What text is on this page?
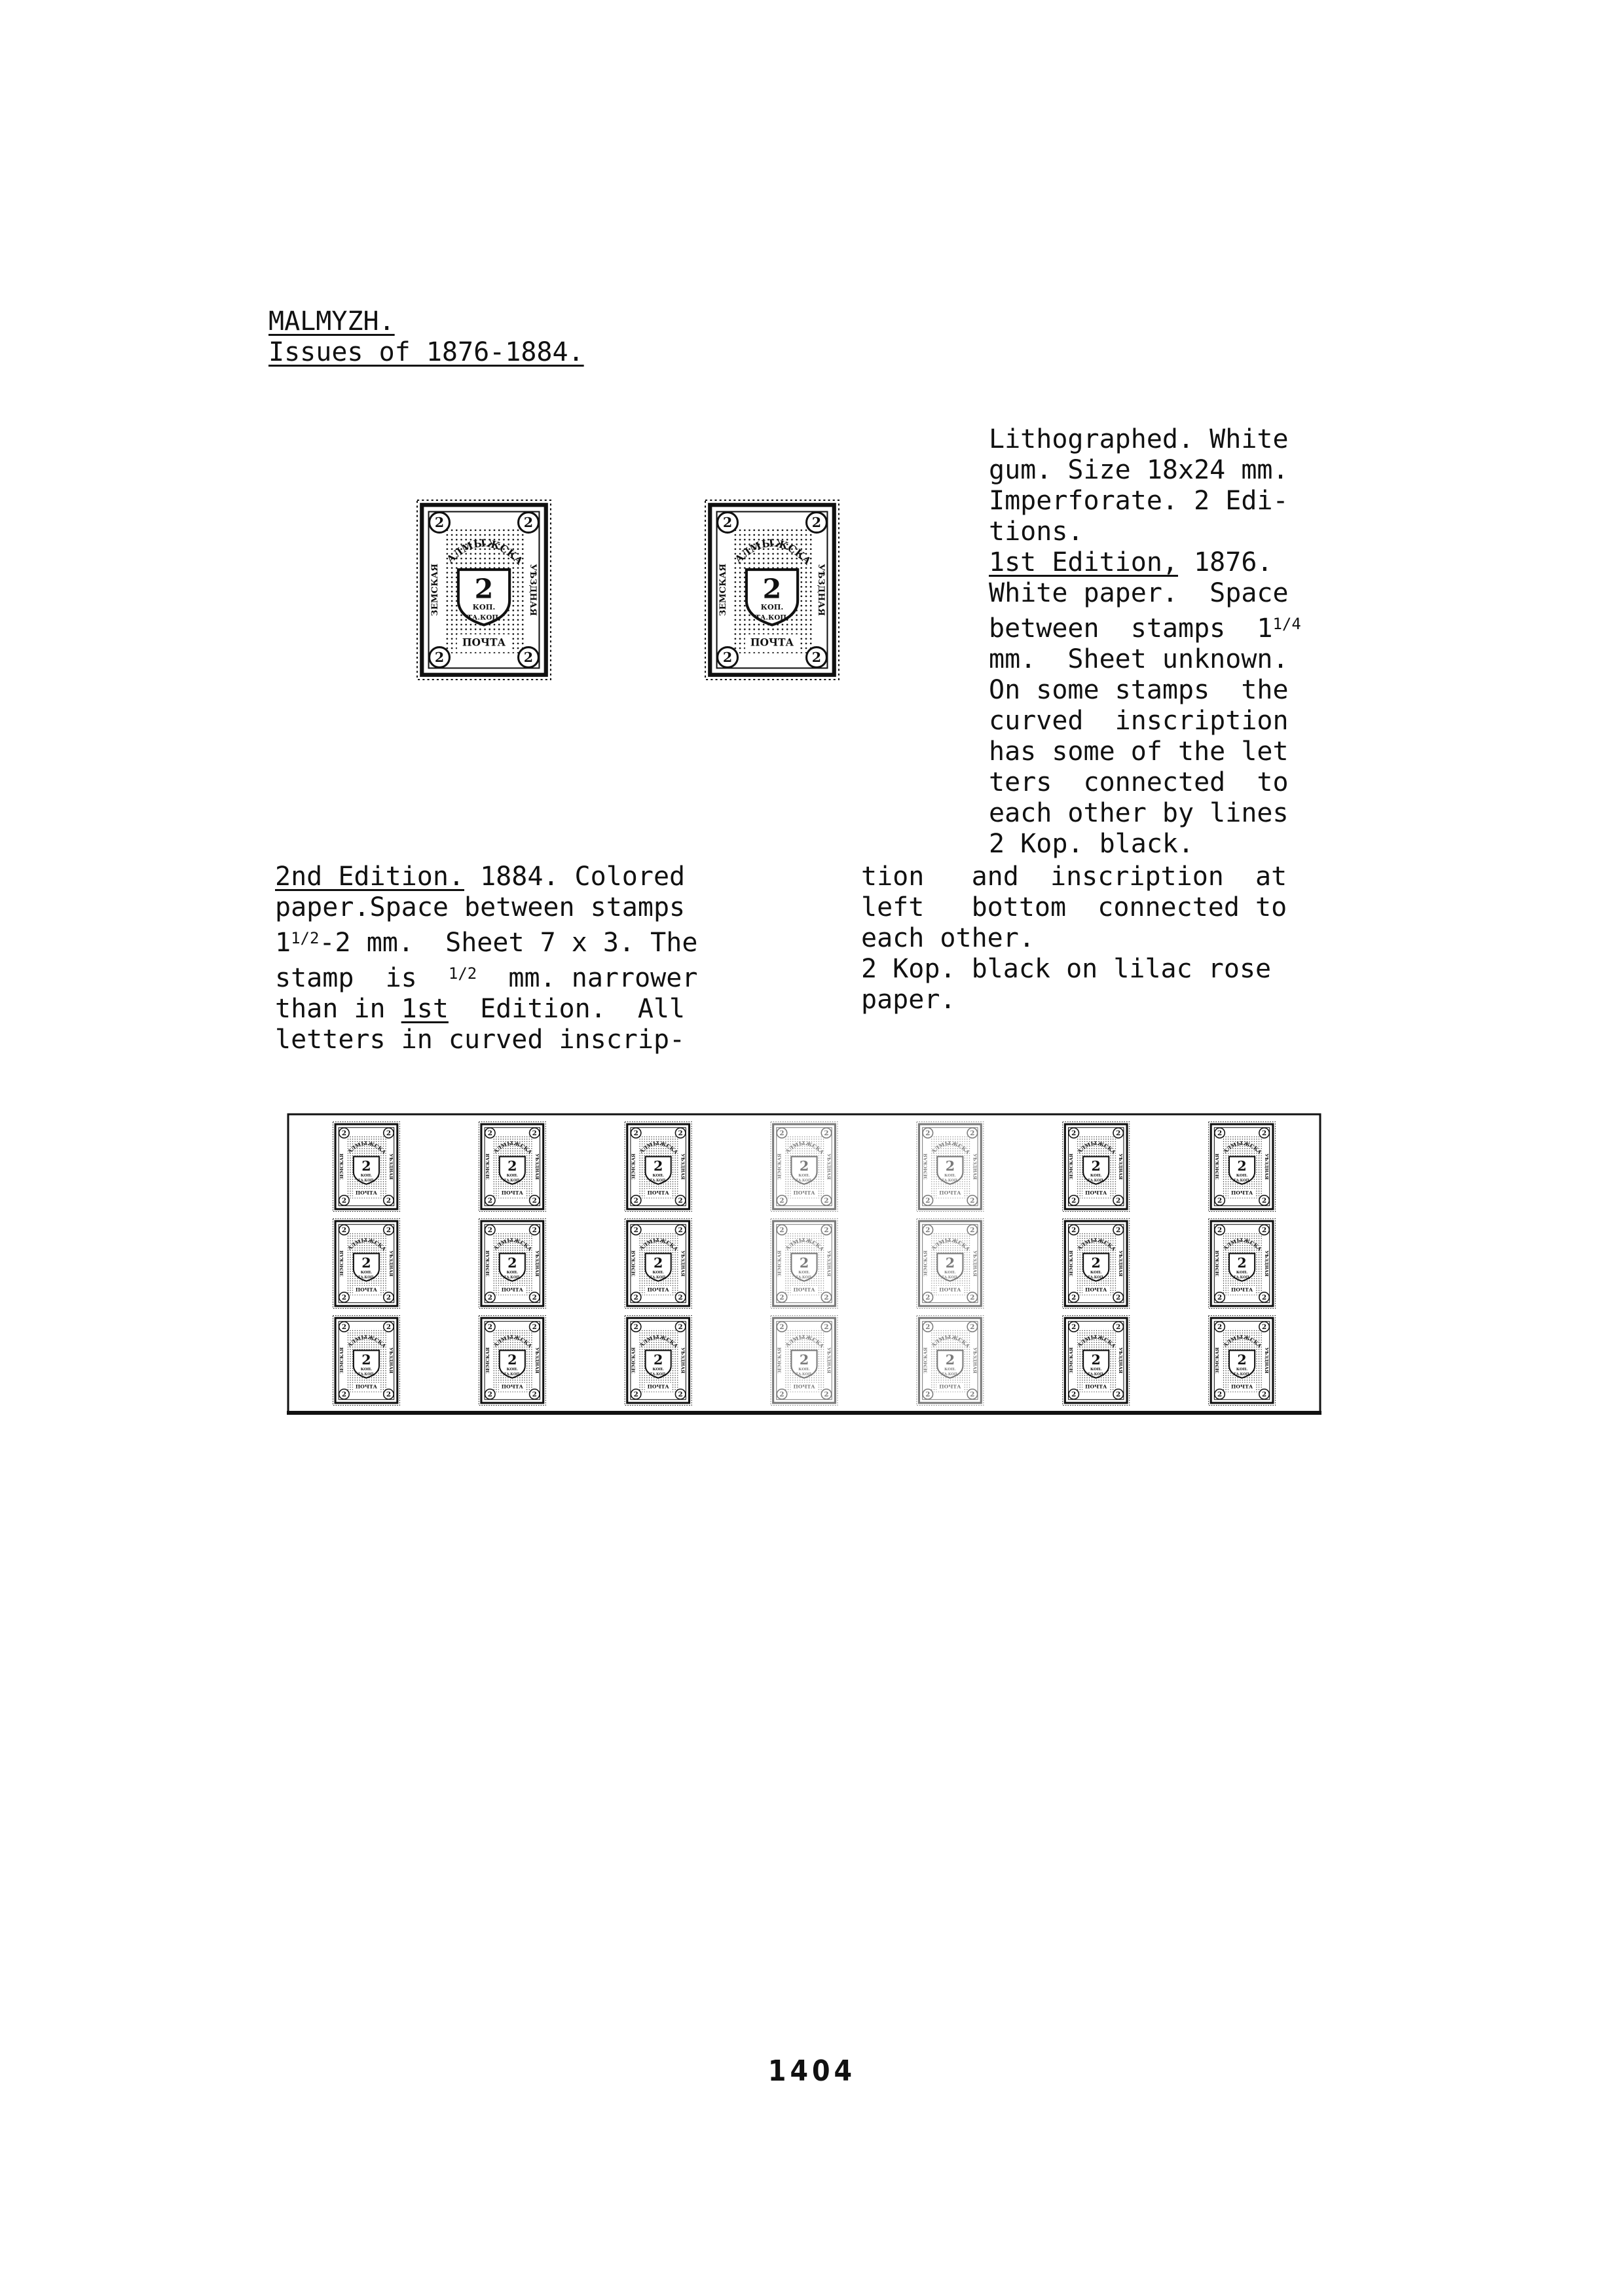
MALMYZH.
Issues of 1876-1884.
2	2
2	2
МАЛМЫЖСКАЯ
ЗЕМСКАЯ	УѢЗДНАЯ
2
КОП.
ТА.КОП.
ПОЧТА
2	2
2	2
МАЛМЫЖСКАЯ
ЗЕМСКАЯ	УѢЗДНАЯ
2
КОП.
ТА.КОП.
ПОЧТА
Lithographed. White
gum. Size 18x24 mm.
Imperforate. 2 Edi-
tions.
1st Edition, 1876.
White paper.  Space
between  stamps  $1^{1/4}$
mm.  Sheet unknown.
On some stamps  the
curved  inscription
has some of the let
ters  connected  to
each other by lines
2 Kop. black.
2nd Edition. 1884. Colored
paper.Space between stamps
$1^{1/2}-2$ mm.  Sheet 7 x 3. The
stamp  is  $^{1/2}$  mm. narrower
than in 1st  Edition.  All
letters in curved inscrip-
tion   and  inscription  at
left   bottom  connected to
each other.
2 Kop. black on lilac rose
paper.
2	2
2	2
МАЛМЫЖСКАЯ
ЗЕМСКАЯ	УѢЗДНАЯ
2
КОП.
ТА.КОП.
ПОЧТА
2	2
2	2
МАЛМЫЖСКАЯ
ЗЕМСКАЯ	УѢЗДНАЯ
2
КОП.
ТА.КОП.
ПОЧТА
2	2
2	2
МАЛМЫЖСКАЯ
ЗЕМСКАЯ	УѢЗДНАЯ
2
КОП.
ТА.КОП.
ПОЧТА
2	2
2	2
МАЛМЫЖСКАЯ
ЗЕМСКАЯ	УѢЗДНАЯ
2
КОП.
ТА.КОП.
ПОЧТА
2	2
2	2
МАЛМЫЖСКАЯ
ЗЕМСКАЯ	УѢЗДНАЯ
2
КОП.
ТА.КОП.
ПОЧТА
2	2
2	2
МАЛМЫЖСКАЯ
ЗЕМСКАЯ	УѢЗДНАЯ
2
КОП.
ТА.КОП.
ПОЧТА
2	2
2	2
МАЛМЫЖСКАЯ
ЗЕМСКАЯ	УѢЗДНАЯ
2
КОП.
ТА.КОП.
ПОЧТА
2	2
2	2
МАЛМЫЖСКАЯ
ЗЕМСКАЯ	УѢЗДНАЯ
2
КОП.
ТА.КОП.
ПОЧТА
2	2
2	2
МАЛМЫЖСКАЯ
ЗЕМСКАЯ	УѢЗДНАЯ
2
КОП.
ТА.КОП.
ПОЧТА
2	2
2	2
МАЛМЫЖСКАЯ
ЗЕМСКАЯ	УѢЗДНАЯ
2
КОП.
ТА.КОП.
ПОЧТА
2	2
2	2
МАЛМЫЖСКАЯ
ЗЕМСКАЯ	УѢЗДНАЯ
2
КОП.
ТА.КОП.
ПОЧТА
2	2
2	2
МАЛМЫЖСКАЯ
ЗЕМСКАЯ	УѢЗДНАЯ
2
КОП.
ТА.КОП.
ПОЧТА
2	2
2	2
МАЛМЫЖСКАЯ
ЗЕМСКАЯ	УѢЗДНАЯ
2
КОП.
ТА.КОП.
ПОЧТА
2	2
2	2
МАЛМЫЖСКАЯ
ЗЕМСКАЯ	УѢЗДНАЯ
2
КОП.
ТА.КОП.
ПОЧТА
2	2
2	2
МАЛМЫЖСКАЯ
ЗЕМСКАЯ	УѢЗДНАЯ
2
КОП.
ТА.КОП.
ПОЧТА
2	2
2	2
МАЛМЫЖСКАЯ
ЗЕМСКАЯ	УѢЗДНАЯ
2
КОП.
ТА.КОП.
ПОЧТА
2	2
2	2
МАЛМЫЖСКАЯ
ЗЕМСКАЯ	УѢЗДНАЯ
2
КОП.
ТА.КОП.
ПОЧТА
2	2
2	2
МАЛМЫЖСКАЯ
ЗЕМСКАЯ	УѢЗДНАЯ
2
КОП.
ТА.КОП.
ПОЧТА
2	2
2	2
МАЛМЫЖСКАЯ
ЗЕМСКАЯ	УѢЗДНАЯ
2
КОП.
ТА.КОП.
ПОЧТА
2	2
2	2
МАЛМЫЖСКАЯ
ЗЕМСКАЯ	УѢЗДНАЯ
2
КОП.
ТА.КОП.
ПОЧТА
2	2
2	2
МАЛМЫЖСКАЯ
ЗЕМСКАЯ	УѢЗДНАЯ
2
КОП.
ТА.КОП.
ПОЧТА
1404
